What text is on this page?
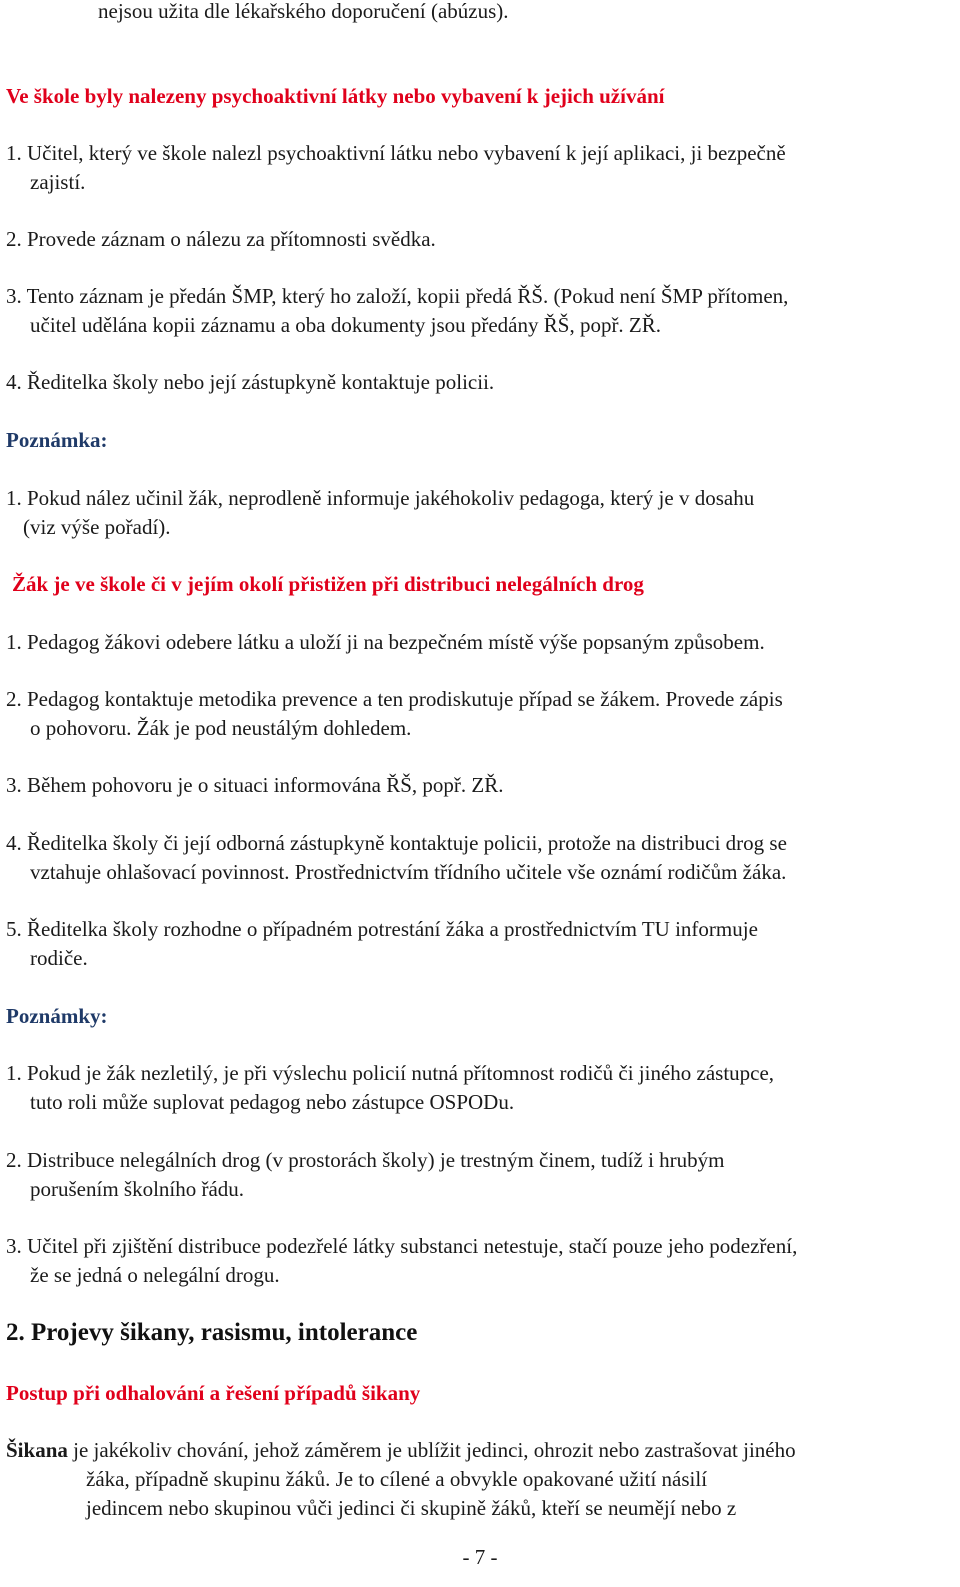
nejsou užita dle lékařského doporučení (abúzus).
Ve škole byly nalezeny psychoaktivní látky nebo vybavení k jejich užívání
1. Učitel, který ve škole nalezl psychoaktivní látku nebo vybavení k její aplikaci, ji bezpečně
zajistí.
2. Provede záznam o nálezu za přítomnosti svědka.
3. Tento záznam je předán ŠMP, který ho založí, kopii předá ŘŠ. (Pokud není ŠMP přítomen,
učitel udělána kopii záznamu a oba dokumenty jsou předány ŘŠ, popř. ZŘ.
4. Ředitelka školy nebo její zástupkyně kontaktuje policii.
Poznámka:
1. Pokud nález učinil žák, neprodleně informuje jakéhokoliv pedagoga, který je v dosahu
(viz výše pořadí).
Žák je ve škole či v jejím okolí přistižen při distribuci nelegálních drog
1. Pedagog žákovi odebere látku a uloží ji na bezpečném místě výše popsaným způsobem.
2. Pedagog kontaktuje metodika prevence a ten prodiskutuje případ se žákem. Provede zápis
o pohovoru. Žák je pod neustálým dohledem.
3. Během pohovoru je o situaci informována ŘŠ, popř. ZŘ.
4. Ředitelka školy či její odborná zástupkyně kontaktuje policii, protože na distribuci drog se
vztahuje ohlašovací povinnost. Prostřednictvím třídního učitele vše oznámí rodičům žáka.
5. Ředitelka školy rozhodne o případném potrestání žáka a prostřednictvím TU informuje
rodiče.
Poznámky:
1. Pokud je žák nezletilý, je při výslechu policií nutná přítomnost rodičů či jiného zástupce,
tuto roli může suplovat pedagog nebo zástupce OSPODu.
2. Distribuce nelegálních drog (v prostorách školy) je trestným činem, tudíž i hrubým
porušením školního řádu.
3. Učitel při zjištění distribuce podezřelé látky substanci netestuje, stačí pouze jeho podezření,
že se jedná o nelegální drogu.
2. Projevy šikany, rasismu, intolerance
Postup při odhalování a řešení případů šikany
Šikana je jakékoliv chování, jehož záměrem je ublížit jedinci, ohrozit nebo zastrašovat jiného
žáka, případně skupinu žáků. Je to cílené a obvykle opakované užití násilí
jedincem nebo skupinou vůči jedinci či skupině žáků, kteří se neumějí nebo z
- 7 -
